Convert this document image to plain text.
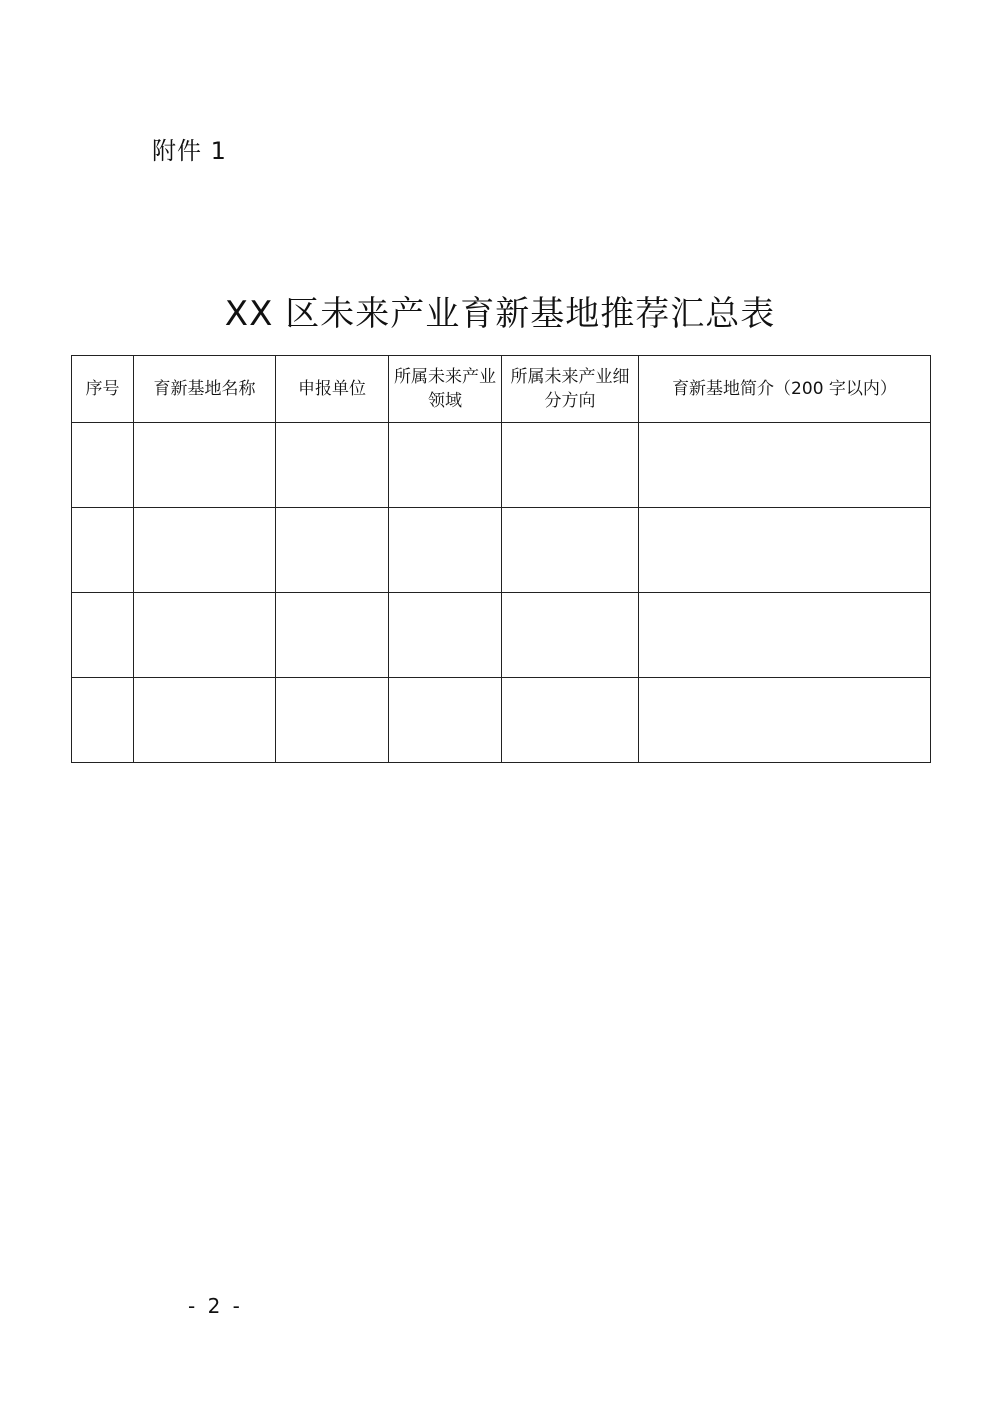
附件 1
XX 区未来产业育新基地推荐汇总表
序号	育新基地名称	申报单位	所属未来产业领域	所属未来产业细分方向	育新基地简介（200 字以内）

- 2 -
